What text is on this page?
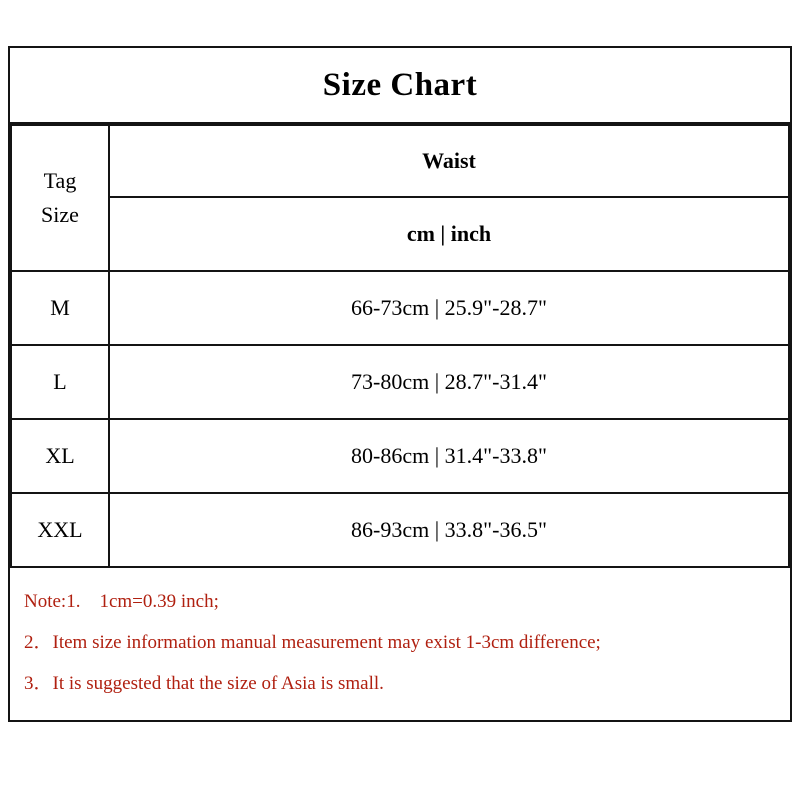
Size Chart
Tag
Size	Waist
	cm | inch
M	66-73cm | 25.9"-28.7"
L	73-80cm | 28.7"-31.4"
XL	80-86cm | 31.4"-33.8"
XXL	86-93cm | 33.8"-36.5"
Note:1.    1cm=0.39 inch;
2．Item size information manual measurement may exist 1-3cm difference;
3．It is suggested that the size of Asia is small.
